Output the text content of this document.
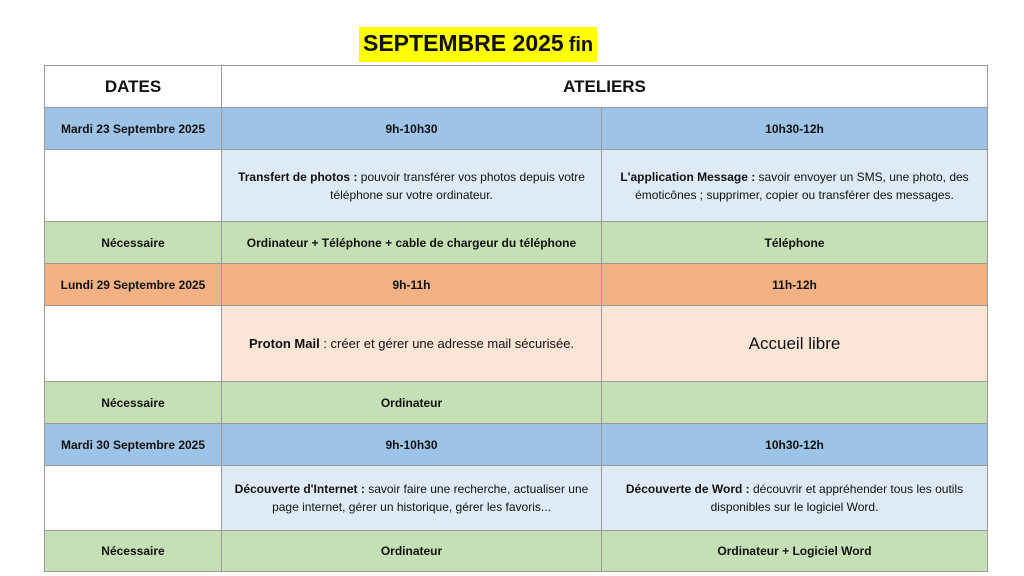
SEPTEMBRE 2025 fin
DATES	ATELIERS	
Mardi 23 Septembre 2025	9h-10h30	10h30-12h
	Transfert de photos : pouvoir transférer vos photos depuis votre téléphone sur votre ordinateur.	L'application Message : savoir envoyer un SMS, une photo, des émoticônes ; supprimer, copier ou transférer des messages.
Nécessaire	Ordinateur + Téléphone + cable de chargeur du téléphone	Téléphone
Lundi 29 Septembre 2025	9h-11h	11h-12h
	Proton Mail : créer et gérer une adresse mail sécurisée.	Accueil libre
Nécessaire	Ordinateur	
Mardi 30 Septembre 2025	9h-10h30	10h30-12h
	Découverte d'Internet : savoir faire une recherche, actualiser une page internet, gérer un historique, gérer les favoris...	Découverte de Word : découvrir et appréhender tous les outils disponibles sur le logiciel Word.
Nécessaire	Ordinateur	Ordinateur + Logiciel Word
